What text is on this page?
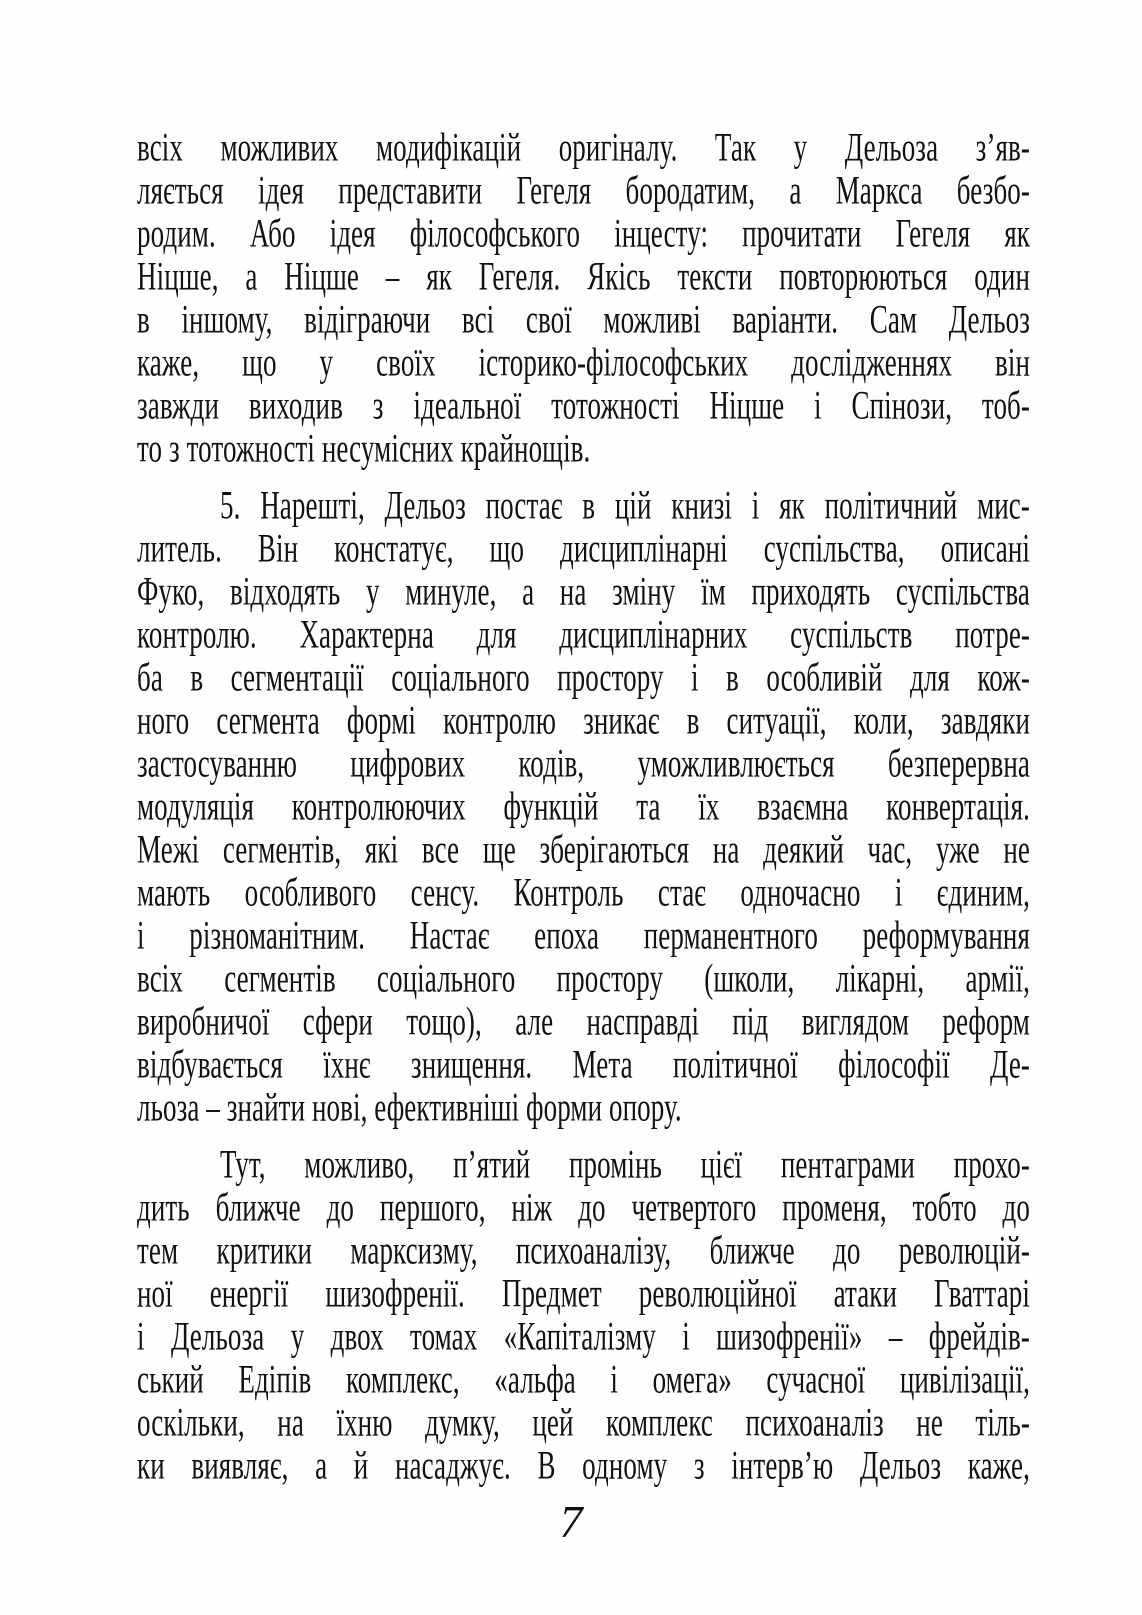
всіх можливих модифікацій оригіналу. Так у Дельоза з’яв-
ляється ідея представити Гегеля бородатим, а Маркса безбо-
родим. Або ідея філософського інцесту: прочитати Гегеля як
Ніцше, а Ніцше – як Гегеля. Якісь тексти повторюються один
в іншому, відіграючи всі свої можливі варіанти. Сам Дельоз
каже, що у своїх історико-філософських дослідженнях він
завжди виходив з ідеальної тотожності Ніцше і Спінози, тоб-
то з тотожності несумісних крайнощів.
5. Нарешті, Дельоз постає в цій книзі і як політичний мис-
литель. Він констатує, що дисциплінарні суспільства, описані
Фуко, відходять у минуле, а на зміну їм приходять суспільства
контролю. Характерна для дисциплінарних суспільств потре-
ба в сегментації соціального простору і в особливій для кож-
ного сегмента формі контролю зникає в ситуації, коли, завдяки
застосуванню цифрових кодів, уможливлюється безперервна
модуляція контролюючих функцій та їх взаємна конвертація.
Межі сегментів, які все ще зберігаються на деякий час, уже не
мають особливого сенсу. Контроль стає одночасно і єдиним,
і різноманітним. Настає епоха перманентного реформування
всіх сегментів соціального простору (школи, лікарні, армії,
виробничої сфери тощо), але насправді під виглядом реформ
відбувається їхнє знищення. Мета політичної філософії Де-
льоза – знайти нові, ефективніші форми опору.
Тут, можливо, п’ятий промінь цієї пентаграми прохо-
дить ближче до першого, ніж до четвертого променя, тобто до
тем критики марксизму, психоаналізу, ближче до революцій-
ної енергії шизофренії. Предмет революційної атаки Гваттарі
і Дельоза у двох томах «Капіталізму і шизофренії» – фрейдів-
ський Едіпів комплекс, «альфа і омега» сучасної цивілізації,
оскільки, на їхню думку, цей комплекс психоаналіз не тіль-
ки виявляє, а й насаджує. В одному з інтерв’ю Дельоз каже,
7
